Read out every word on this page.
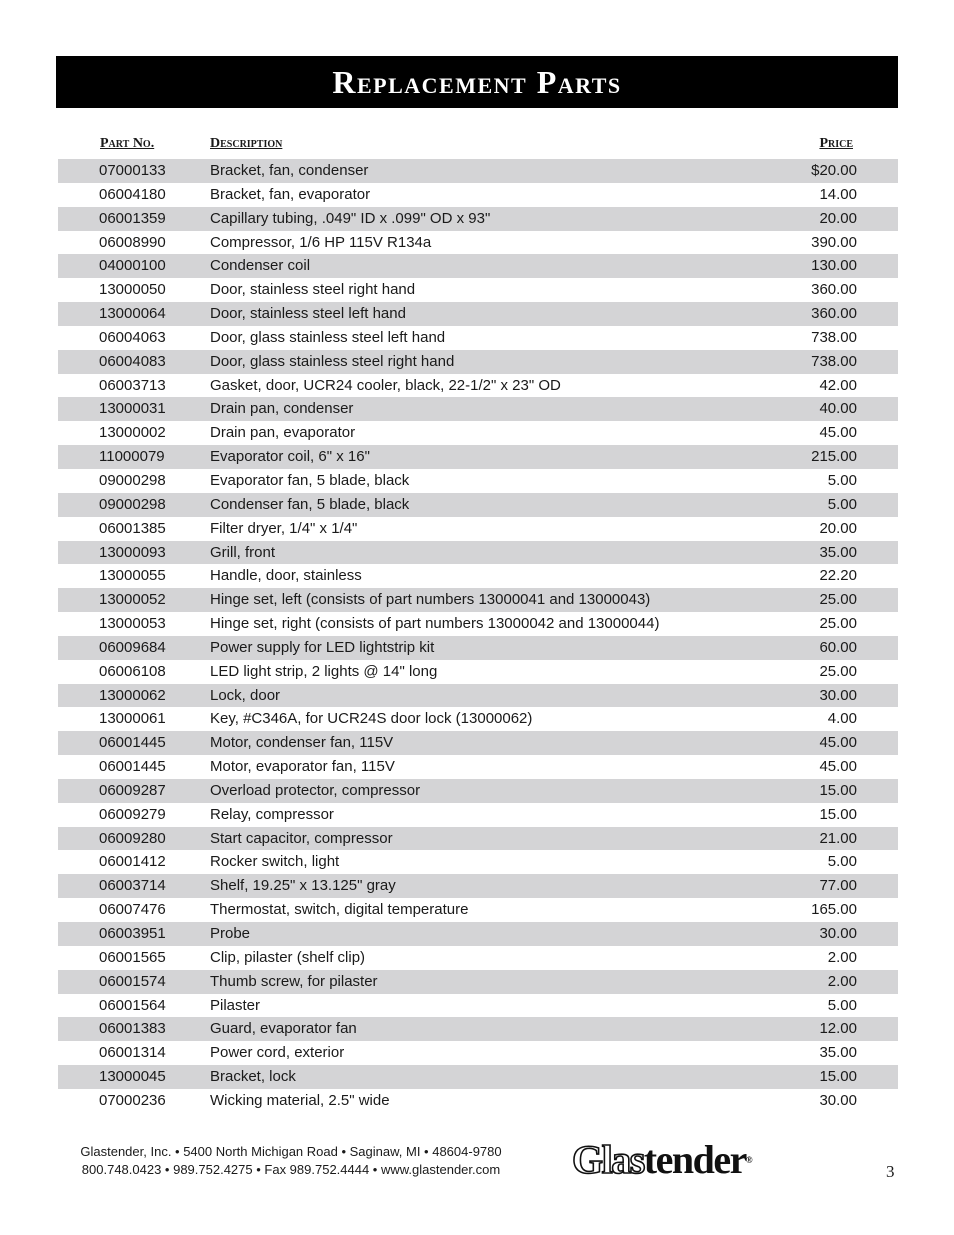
Replacement Parts
Part No.	Description	Price
07000133	Bracket, fan, condenser	$20.00
06004180	Bracket, fan, evaporator	14.00
06001359	Capillary tubing, .049" ID x .099" OD x 93"	20.00
06008990	Compressor, 1/6 HP 115V R134a	390.00
04000100	Condenser coil	130.00
13000050	Door, stainless steel right hand	360.00
13000064	Door, stainless steel left hand	360.00
06004063	Door, glass stainless steel left hand	738.00
06004083	Door, glass stainless steel right hand	738.00
06003713	Gasket, door, UCR24 cooler, black, 22-1/2" x 23" OD	42.00
13000031	Drain pan, condenser	40.00
13000002	Drain pan, evaporator	45.00
11000079	Evaporator coil, 6" x 16"	215.00
09000298	Evaporator fan, 5 blade, black	5.00
09000298	Condenser fan, 5 blade, black	5.00
06001385	Filter dryer, 1/4" x 1/4"	20.00
13000093	Grill, front	35.00
13000055	Handle, door, stainless	22.20
13000052	Hinge set, left (consists of part numbers 13000041 and 13000043)	25.00
13000053	Hinge set, right (consists of part numbers 13000042 and 13000044)	25.00
06009684	Power supply for LED lightstrip kit	60.00
06006108	LED light strip, 2 lights @ 14" long	25.00
13000062	Lock, door	30.00
13000061	Key, #C346A, for UCR24S door lock (13000062)	4.00
06001445	Motor, condenser fan, 115V	45.00
06001445	Motor, evaporator fan, 115V	45.00
06009287	Overload protector, compressor	15.00
06009279	Relay, compressor	15.00
06009280	Start capacitor, compressor	21.00
06001412	Rocker switch, light	5.00
06003714	Shelf, 19.25" x 13.125" gray	77.00
06007476	Thermostat, switch, digital temperature	165.00
06003951	Probe	30.00
06001565	Clip, pilaster (shelf clip)	2.00
06001574	Thumb screw, for pilaster	2.00
06001564	Pilaster	5.00
06001383	Guard, evaporator fan	12.00
06001314	Power cord, exterior	35.00
13000045	Bracket, lock	15.00
07000236	Wicking material, 2.5" wide	30.00
Glastender, Inc. • 5400 North Michigan Road • Saginaw, MI • 48604-9780
800.748.0423 • 989.752.4275 • Fax 989.752.4444 • www.glastender.com	Glastender®
3
